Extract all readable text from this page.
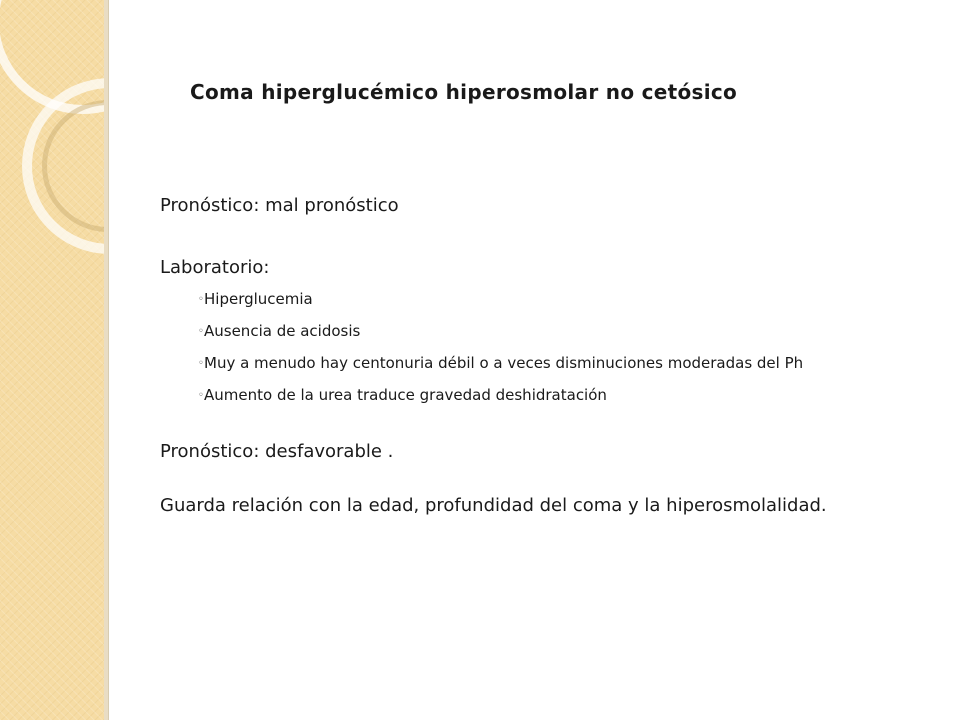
Coma hiperglucémico hiperosmolar no cetósico

Pronóstico: mal pronóstico

Laboratorio:

◦ Hiperglucemia
◦ Ausencia de acidosis
◦ Muy a menudo hay centonuria débil o a veces disminuciones moderadas del Ph
◦ Aumento de la urea traduce gravedad deshidratación

Pronóstico: desfavorable .

Guarda relación con la edad, profundidad del coma y la hiperosmolalidad.
